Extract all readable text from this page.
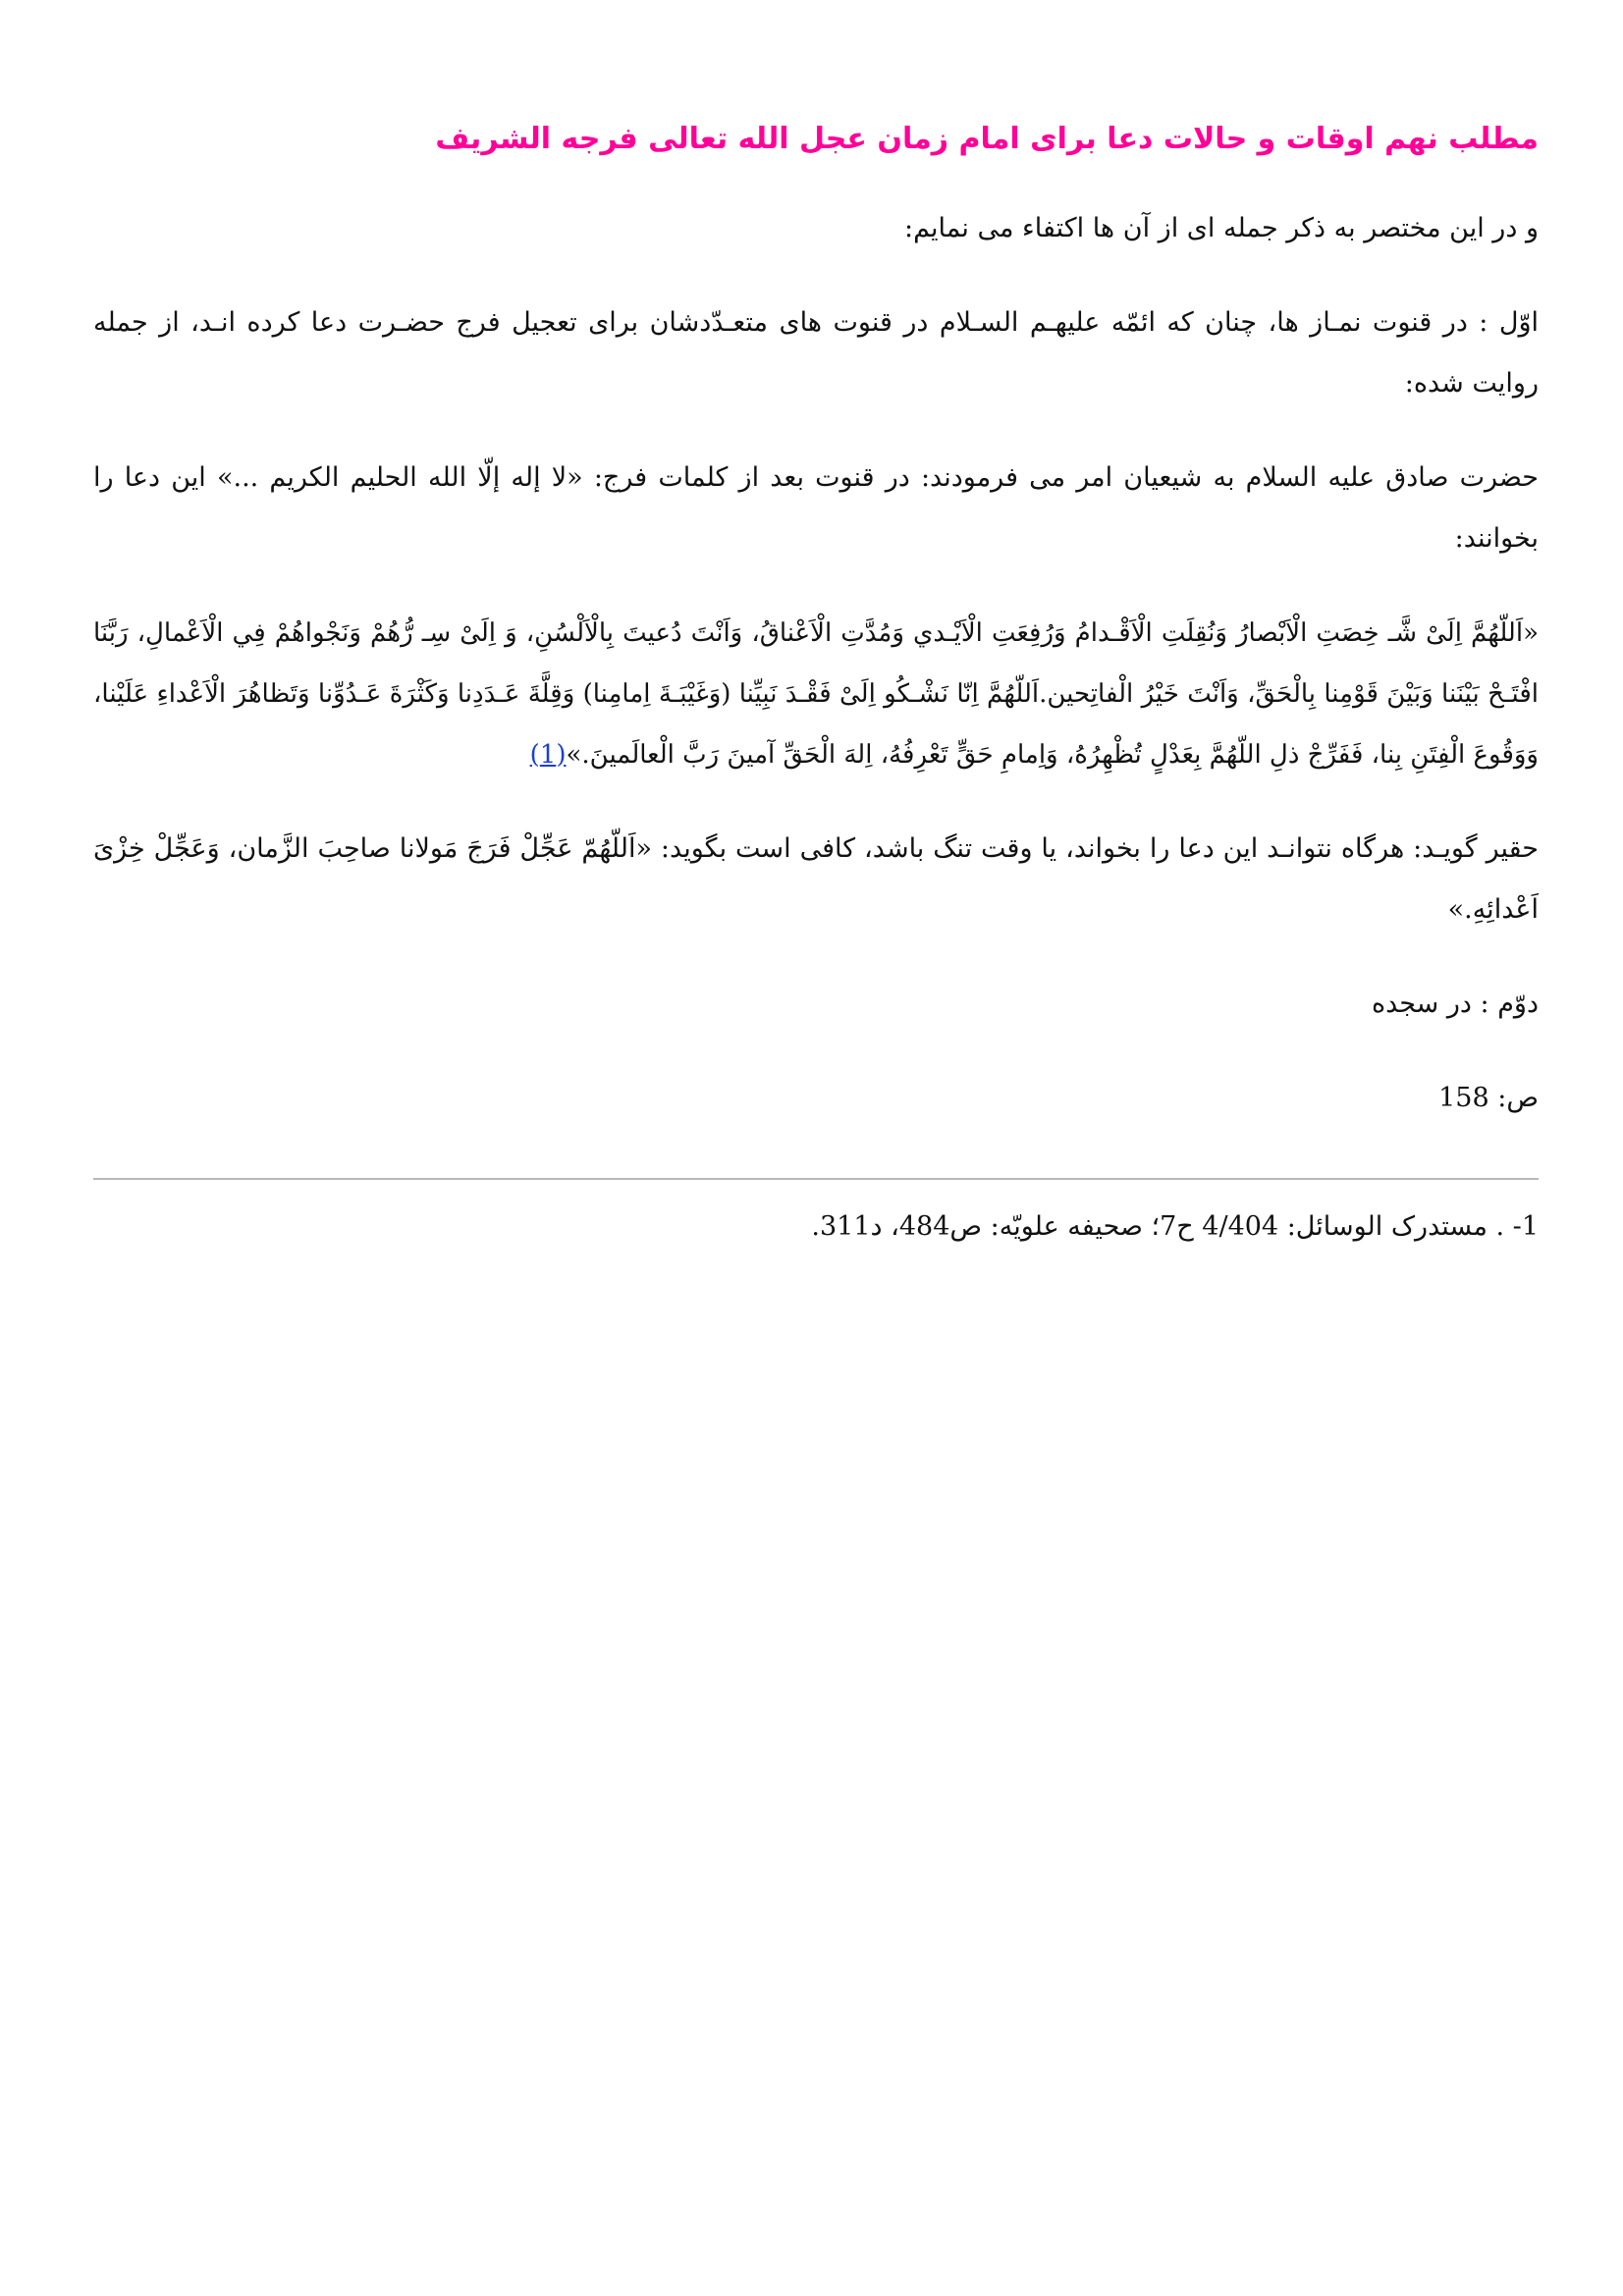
مطلب نهم اوقات و حالات دعا برای امام زمان عجل الله تعالی فرجه الشریف

و در این مختصر به ذکر جمله ای از آن ها اکتفاء می نمایم:

اوّل : در قنوت نمـاز ها، چنان که ائمّه علیهـم السـلام در قنوت های متعـدّدشان برای تعجیل فرج حضـرت دعا کرده انـد، از جمله روایت شده:

حضرت صادق علیه السلام به شیعیان امر می فرمودند: در قنوت بعد از کلمات فرج: «لا إله إلّا الله الحلیم الکریم ...» این دعا را بخوانند:

«اَللّهُمَّ اِلَیْ شَّـ خِصَتِ الْاَبْصارُ وَنُقِلَتِ الْاَقْـدامُ وَرُفِعَتِ الْاَیْـدي وَمُدَّتِ الْاَعْناقُ، وَاَنْتَ دُعیتَ بِالْاَلْسُنِ، وَ اِلَیْ سِـ رُّهُمْ وَنَجْواهُمْ فِي الْاَعْمالِ، رَبَّنَا افْتَـحْ بَیْنَنا وَبَیْنَ قَوْمِنا بِالْحَقِّ، وَاَنْتَ خَیْرُ الْفاتِحین.اَللّهُمَّ اِنّا نَشْـكُو اِلَیْ فَقْـدَ نَبِیِّنا (وَغَیْبَـةَ اِمامِنا) وَقِلَّةَ عَـدَدِنا وَكَثْرَةَ عَـدُوِّنا وَتَظاهُرَ الْاَعْداءِ عَلَیْنا، وَوَقُوعَ الْفِتَنِ بِنا، فَفَرِّجْ ذلِ اللّهُمَّ بِعَدْلٍ تُظْهِرُهُ، وَاِمامِ حَقٍّ تَعْرِفُهُ، اِلهَ الْحَقِّ آمینَ رَبَّ الْعالَمینَ.»(1)

حقیر گویـد: هرگاه نتوانـد این دعا را بخواند، یا وقت تنگ باشد، کافی است بگوید: «اَللّهُمّ عَجِّلْ فَرَجَ مَولانا صاحِبَ الزَّمان، وَعَجِّلْ خِزْیَ اَعْدائِهِ.»

دوّم : در سجده

ص: 158

1- . مستدرک الوسائل: 4/404 ح7؛ صحیفه علویّه: ص484، د311.
